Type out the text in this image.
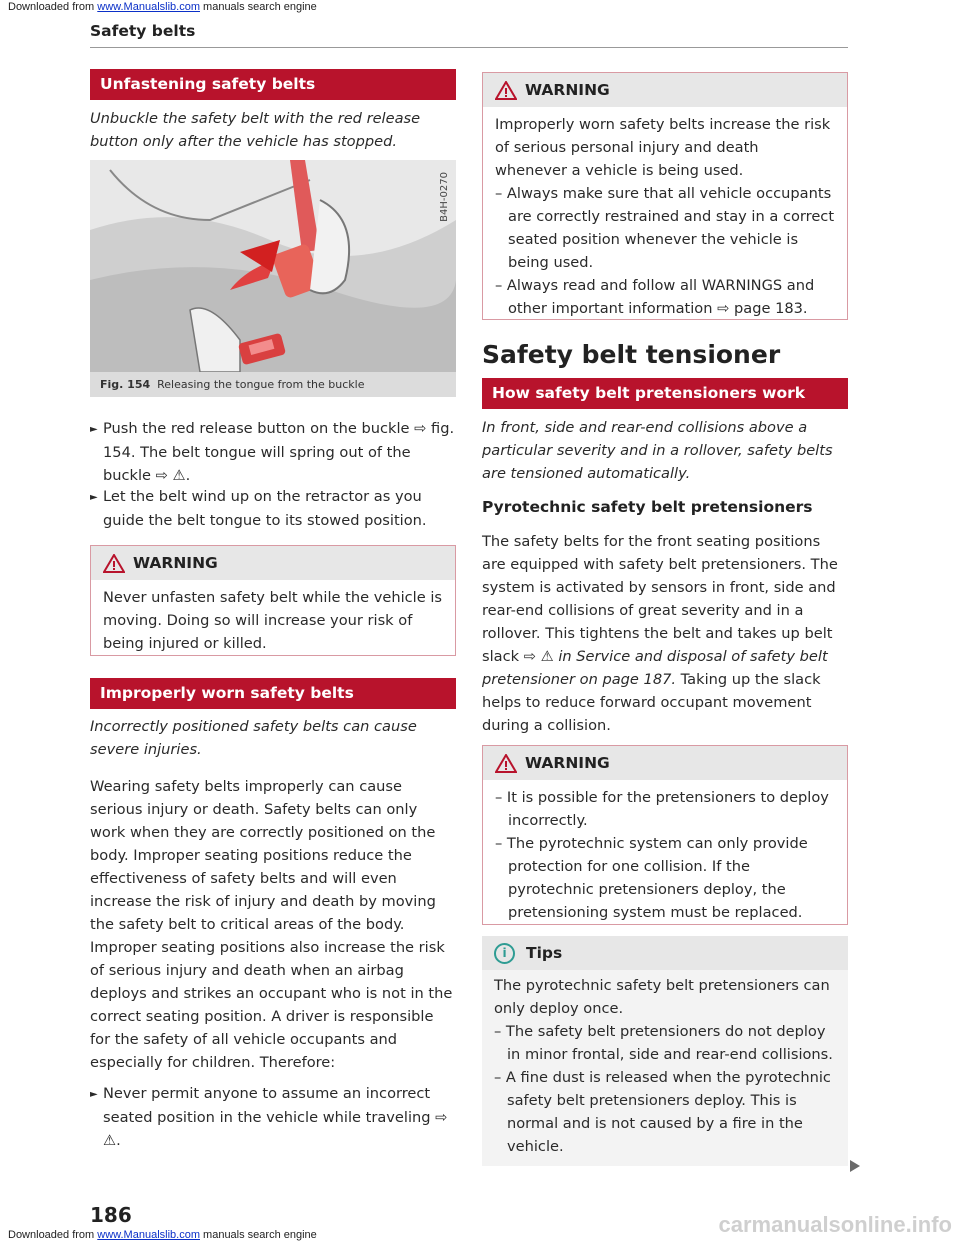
Downloaded from www.Manualslib.com manuals search engine
Safety belts
Unfastening safety belts
Unbuckle the safety belt with the red release button only after the vehicle has stopped.
B4H-0270
Fig. 154 Releasing the tongue from the buckle
► Push the red release button on the buckle ⇨ fig. 154. The belt tongue will spring out of the buckle ⇨ ⚠.
► Let the belt wind up on the retractor as you guide the belt tongue to its stowed position.
WARNING
Never unfasten safety belt while the vehicle is moving. Doing so will increase your risk of being injured or killed.
Improperly worn safety belts
Incorrectly positioned safety belts can cause severe injuries.
Wearing safety belts improperly can cause serious injury or death. Safety belts can only work when they are correctly positioned on the body. Improper seating positions reduce the effectiveness of safety belts and will even increase the risk of injury and death by moving the safety belt to critical areas of the body. Improper seating positions also increase the risk of serious injury and death when an airbag deploys and strikes an occupant who is not in the correct seating position. A driver is responsible for the safety of all vehicle occupants and especially for children. Therefore:
► Never permit anyone to assume an incorrect seated position in the vehicle while traveling ⇨ ⚠.
WARNING
Improperly worn safety belts increase the risk of serious personal injury and death whenever a vehicle is being used.
– Always make sure that all vehicle occupants are correctly restrained and stay in a correct seated position whenever the vehicle is being used.
– Always read and follow all WARNINGS and other important information ⇨ page 183.
Safety belt tensioner
How safety belt pretensioners work
In front, side and rear-end collisions above a particular severity and in a rollover, safety belts are tensioned automatically.
Pyrotechnic safety belt pretensioners
The safety belts for the front seating positions are equipped with safety belt pretensioners. The system is activated by sensors in front, side and rear-end collisions of great severity and in a rollover. This tightens the belt and takes up belt slack ⇨ ⚠ in Service and disposal of safety belt pretensioner on page 187. Taking up the slack helps to reduce forward occupant movement during a collision.
WARNING
– It is possible for the pretensioners to deploy incorrectly.
– The pyrotechnic system can only provide protection for one collision. If the pyrotechnic pretensioners deploy, the pretensioning system must be replaced.
i	Tips
The pyrotechnic safety belt pretensioners can only deploy once.
– The safety belt pretensioners do not deploy in minor frontal, side and rear-end collisions.
– A fine dust is released when the pyrotechnic safety belt pretensioners deploy. This is normal and is not caused by a fire in the vehicle.
186	carmanualsonline.info
Downloaded from www.Manualslib.com manuals search engine
